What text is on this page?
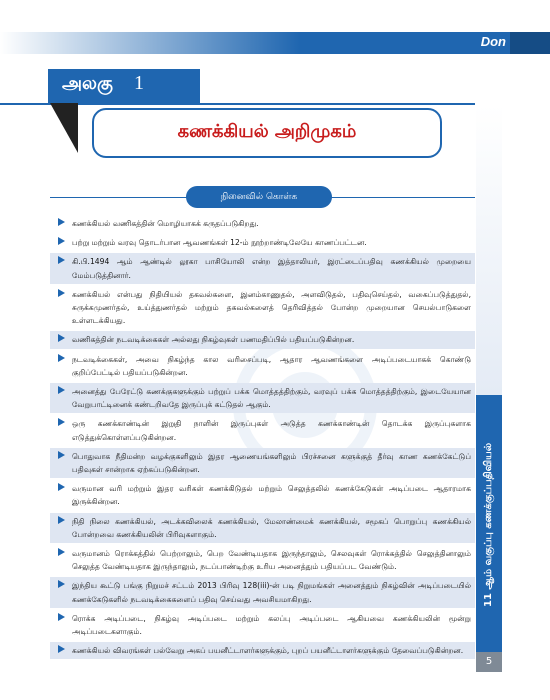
Don
அலகு 1
கணக்கியல் அறிமுகம்
நினைவில் கொள்க
கணக்கியல் வணிகத்தின் மொழியாகக் கருதப்படுகிறது.
பற்று மற்றும் வரவு தொடர்பான ஆவணங்கள் 12-ம் நூற்றாண்டிலேயே காணப்பட்டன.
கி.பி.1494 ஆம் ஆண்டில் லூகா பாசியோலி என்ற இத்தாலியர், இரட்டைப்பதிவு கணக்கியல் முறையை மேம்படுத்தினார்.
கணக்கியல் என்பது நிதியியல் தகவல்களை, இனம்காணுதல், அளவிடுதல், பதிவுசெய்தல், வகைப்படுத்துதல், சுருக்கமுணர்தல், உய்த்துணர்தல் மற்றும் தகவல்களைத் தெரிவித்தல் போன்ற முறையான செயல்பாடுகளை உள்ளடக்கியது.
வணிகத்தின் நடவடிக்கைகள் அல்லது நிகழ்வுகள் பணமதிப்பில் பதியப்படுகின்றன.
நடவடிக்கைகள், அவை நிகழ்ந்த கால வரிசைப்படி, ஆதார ஆவணங்களை அடிப்படையாகக் கொண்டு குறிப்பேட்டில் பதியப்படுகின்றன.
அனைத்து பேரேட்டு கணக்குகளுக்கும் பற்றுப் பக்க மொத்தத்திற்கும், வரவுப் பக்க மொத்தத்திற்கும், இடையேயான வேறுபாட்டினைக் கண்டறிவதே இருப்புக் கட்டுதல் ஆகும்.
ஒரு கணக்காண்டின் இறுதி நாளின் இருப்புகள் அடுத்த கணக்காண்டின் தொடக்க இருப்புகளாக எடுத்துக்கொள்ளப்படுகின்றன.
பொதுவாக நீதிமன்ற வழக்குகளிலும் இதர ஆணையங்களிலும் பிரச்சனை களுக்குத் தீர்வு காண கணக்கேட்டுப் பதிவுகள் சான்றாக ஏற்கப்படுகின்றன.
வருமான வரி மற்றும் இதர வரிகள் கணக்கிடுதல் மற்றும் செலுத்தலில் கணக்கேடுகள் அடிப்படை ஆதாரமாக இருக்கின்றன.
நிதி நிலை கணக்கியல், அடக்கவிலைக் கணக்கியல், மேலாண்மைக் கணக்கியல், சமூகப் பொறுப்பு கணக்கியல் போன்றவை கணக்கியலின் பிரிவுகளாகும்.
வருமானம் ரொக்கத்தில் பெற்றாலும், பெற வேண்டியதாக இருந்தாலும், செலவுகள் ரொக்கத்தில் செலுத்தினாலும் செலுத்த வேண்டியதாக இருந்தாலும், நடப்பாண்டிற்கு உரிய அனைத்தும் பதியப்பட வேண்டும்.
இந்திய கூட்டு பங்கு நிறுமச் சட்டம் 2013 பிரிவு 128(iii)-ன் படி நிறுமங்கள் அனைத்தும் நிகழ்வின் அடிப்படையில் கணக்கேடுகளில் நடவடிக்கைகளைப் பதிவு செய்வது அவசியமாகிறது.
ரொக்க அடிப்படை, நிகழ்வு அடிப்படை மற்றும் கலப்பு அடிப்படை ஆகியவை கணக்கியலின் மூன்று அடிப்படைகளாகும்.
கணக்கியல் விவரங்கள் பல்வேறு அகப் பயனீட்டாளர்களுக்கும், புறப் பயனீட்டாளர்களுக்கும் தேவைப்படுகின்றன.
11 ஆம் வகுப்பு கணக்குப்பதிவியல்
5
